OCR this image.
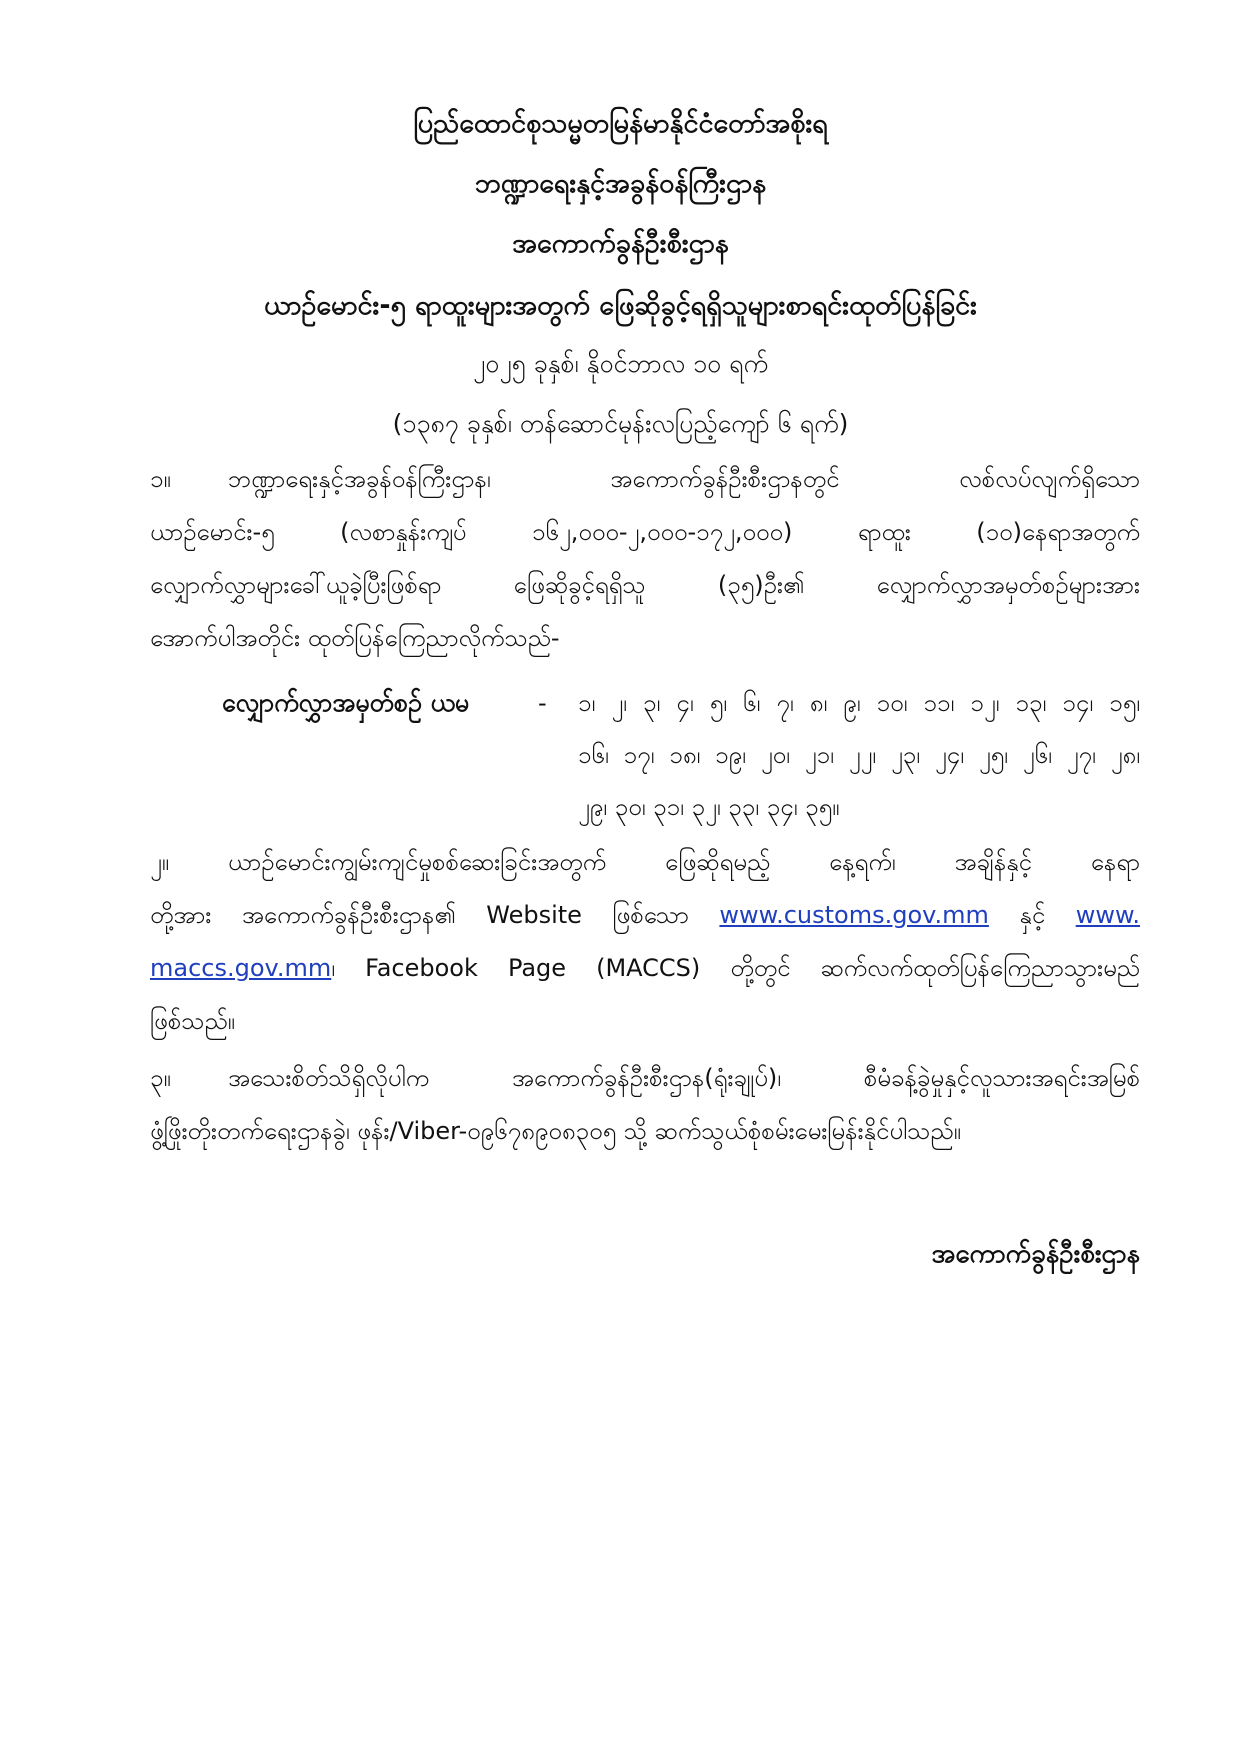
ပြည်ထောင်စုသမ္မတမြန်မာနိုင်ငံတော်အစိုးရ
ဘဏ္ဍာရေးနှင့်အခွန်ဝန်ကြီးဌာန
အကောက်ခွန်ဦးစီးဌာန
ယာဉ်မောင်း-၅ ရာထူးများအတွက် ဖြေဆိုခွင့်ရရှိသူများစာရင်းထုတ်ပြန်ခြင်း
၂၀၂၅ ခုနှစ်၊ နိုဝင်ဘာလ ၁၀ ရက်
(၁၃၈၇ ခုနှစ်၊ တန်ဆောင်မုန်းလပြည့်ကျော် ၆ ရက်)
၁။ ဘဏ္ဍာရေးနှင့်အခွန်ဝန်ကြီးဌာန၊ အကောက်ခွန်ဦးစီးဌာနတွင် လစ်လပ်လျက်ရှိသော
ယာဉ်မောင်း-၅ (လစာနှုန်းကျပ် ၁၆၂,၀၀၀-၂,၀၀၀-၁၇၂,၀၀၀) ရာထူး (၁၀)နေရာအတွက်
လျှောက်လွှာများခေါ်ယူခဲ့ပြီးဖြစ်ရာ ဖြေဆိုခွင့်ရရှိသူ (၃၅)ဦး၏ လျှောက်လွှာအမှတ်စဉ်များအား
အောက်ပါအတိုင်း ထုတ်ပြန်ကြေညာလိုက်သည်-
လျှောက်လွှာအမှတ်စဉ် ယမ	- ၁၊ ၂၊ ၃၊ ၄၊ ၅၊ ၆၊ ၇၊ ၈၊ ၉၊ ၁၀၊ ၁၁၊ ၁၂၊ ၁၃၊ ၁၄၊ ၁၅၊
၁၆၊ ၁၇၊ ၁၈၊ ၁၉၊ ၂၀၊ ၂၁၊ ၂၂၊ ၂၃၊ ၂၄၊ ၂၅၊ ၂၆၊ ၂၇၊ ၂၈၊
၂၉၊ ၃၀၊ ၃၁၊ ၃၂၊ ၃၃၊ ၃၄၊ ၃၅။
၂။ ယာဉ်မောင်းကျွမ်းကျင်မှုစစ်ဆေးခြင်းအတွက် ဖြေဆိုရမည့် နေ့ရက်၊ အချိန်နှင့် နေရာ
တို့အား အကောက်ခွန်ဦးစီးဌာန၏ Website ဖြစ်သော www.customs.gov.mm နှင့် www.
maccs.gov.mm၊ Facebook Page (MACCS) တို့တွင် ဆက်လက်ထုတ်ပြန်ကြေညာသွားမည်
ဖြစ်သည်။
၃။ အသေးစိတ်သိရှိလိုပါက အကောက်ခွန်ဦးစီးဌာန(ရုံးချုပ်)၊ စီမံခန့်ခွဲမှုနှင့်လူသားအရင်းအမြစ်
ဖွံ့ဖြိုးတိုးတက်ရေးဌာနခွဲ၊ ဖုန်း/Viber-၀၉၆၇၈၉၀၈၃၀၅ သို့ ဆက်သွယ်စုံစမ်းမေးမြန်းနိုင်ပါသည်။
အကောက်ခွန်ဦးစီးဌာန
